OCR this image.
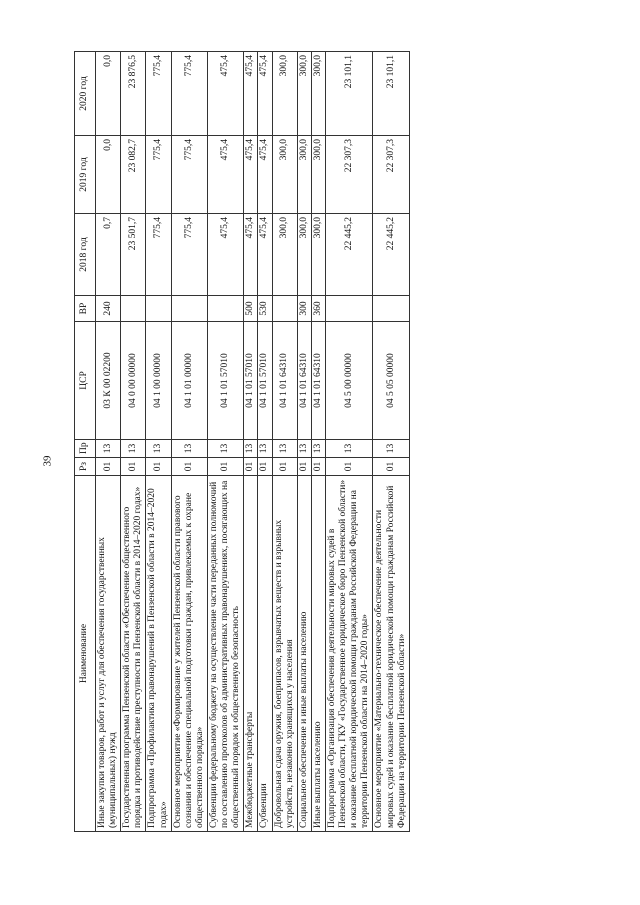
39
Наименование	Рз	Пр	ЦСР	ВР	2018 год	2019 год	2020 год
Иные закупки товаров, работ и услуг для обеспечения государственных (муниципальных) нужд	01	13	03 К 00 02200	240	0,7	0,0	0,0
Государственная программа Пензенской области «Обеспечение общественного порядка и противодействие преступности в Пензенской области в 2014–2020 годах»	01	13	04 0 00 00000		23 501,7	23 082,7	23 876,5
Подпрограмма «Профилактика правонарушений в Пензенской области в 2014–2020 годах»	01	13	04 1 00 00000		775,4	775,4	775,4
Основное мероприятие «Формирование у жителей Пензенской области правового сознания и обеспечение специальной подготовки граждан, привлекаемых к охране общественного порядка»	01	13	04 1 01 00000		775,4	775,4	775,4
Субвенции федеральному бюджету на осуществление части переданных полномочий по составлению протоколов об административных правонарушениях, посягающих на общественный порядок и общественную безопасность	01	13	04 1 01 57010		475,4	475,4	475,4
Межбюджетные трансферты	01	13	04 1 01 57010	500	475,4	475,4	475,4
Субвенции	01	13	04 1 01 57010	530	475,4	475,4	475,4
Добровольная сдача оружия, боеприпасов, взрывчатых веществ и взрывных устройств, незаконно хранящихся у населения	01	13	04 1 01 64310		300,0	300,0	300,0
Социальное обеспечение и иные выплаты населению	01	13	04 1 01 64310	300	300,0	300,0	300,0
Иные выплаты населению	01	13	04 1 01 64310	360	300,0	300,0	300,0
Подпрограмма «Организация обеспечения деятельности мировых судей в Пензенской области, ГКУ «Государственное юридическое бюро Пензенской области» и оказание бесплатной юридической помощи гражданам Российской Федерации на территории Пензенской области на 2014–2020 годы»	01	13	04 5 00 00000		22 445,2	22 307,3	23 101,1
Основное мероприятие «Материально-техническое обеспечение деятельности мировых судей и оказание бесплатной юридической помощи гражданам Российской Федерации на территории Пензенской области»	01	13	04 5 05 00000		22 445,2	22 307,3	23 101,1
